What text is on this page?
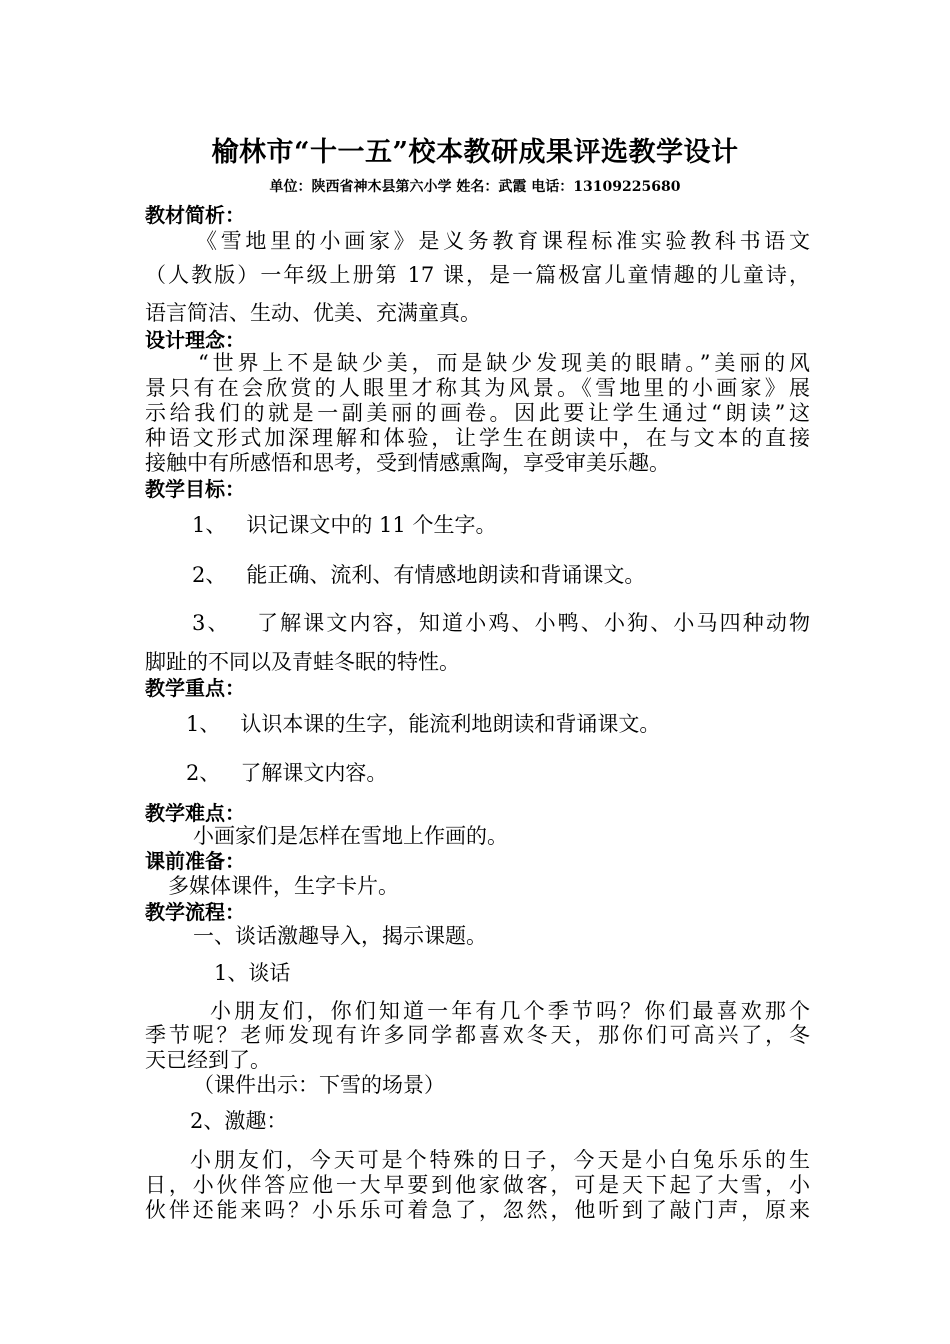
榆林市“十一五”校本教研成果评选教学设计
单位：陕西省神木县第六小学 姓名：武霞 电话：13109225680
教材简析：
《雪地里的小画家》是义务教育课程标准实验教科书语文
（人教版）一年级上册第 17 课，是一篇极富儿童情趣的儿童诗，
语言简洁、生动、优美、充满童真。
设计理念：
“世界上不是缺少美，而是缺少发现美的眼睛。”美丽的风
景只有在会欣赏的人眼里才称其为风景。《雪地里的小画家》展
示给我们的就是一副美丽的画卷。因此要让学生通过“朗读”这
种语文形式加深理解和体验，让学生在朗读中，在与文本的直接
接触中有所感悟和思考，受到情感熏陶，享受审美乐趣。
教学目标：
1、   识记课文中的 11 个生字。
2、   能正确、流利、有情感地朗读和背诵课文。
3、   了解课文内容，知道小鸡、小鸭、小狗、小马四种动物
脚趾的不同以及青蛙冬眠的特性。
教学重点：
1、   认识本课的生字，能流利地朗读和背诵课文。
2、   了解课文内容。
教学难点：
小画家们是怎样在雪地上作画的。
课前准备：
多媒体课件，生字卡片。
教学流程：
一、谈话激趣导入，揭示课题。
1、谈话
小朋友们，你们知道一年有几个季节吗？你们最喜欢那个
季节呢？老师发现有许多同学都喜欢冬天，那你们可高兴了，冬
天已经到了。
（课件出示：下雪的场景）
2、激趣：
小朋友们，今天可是个特殊的日子，今天是小白兔乐乐的生
日，小伙伴答应他一大早要到他家做客，可是天下起了大雪，小
伙伴还能来吗？小乐乐可着急了，忽然，他听到了敲门声，原来
